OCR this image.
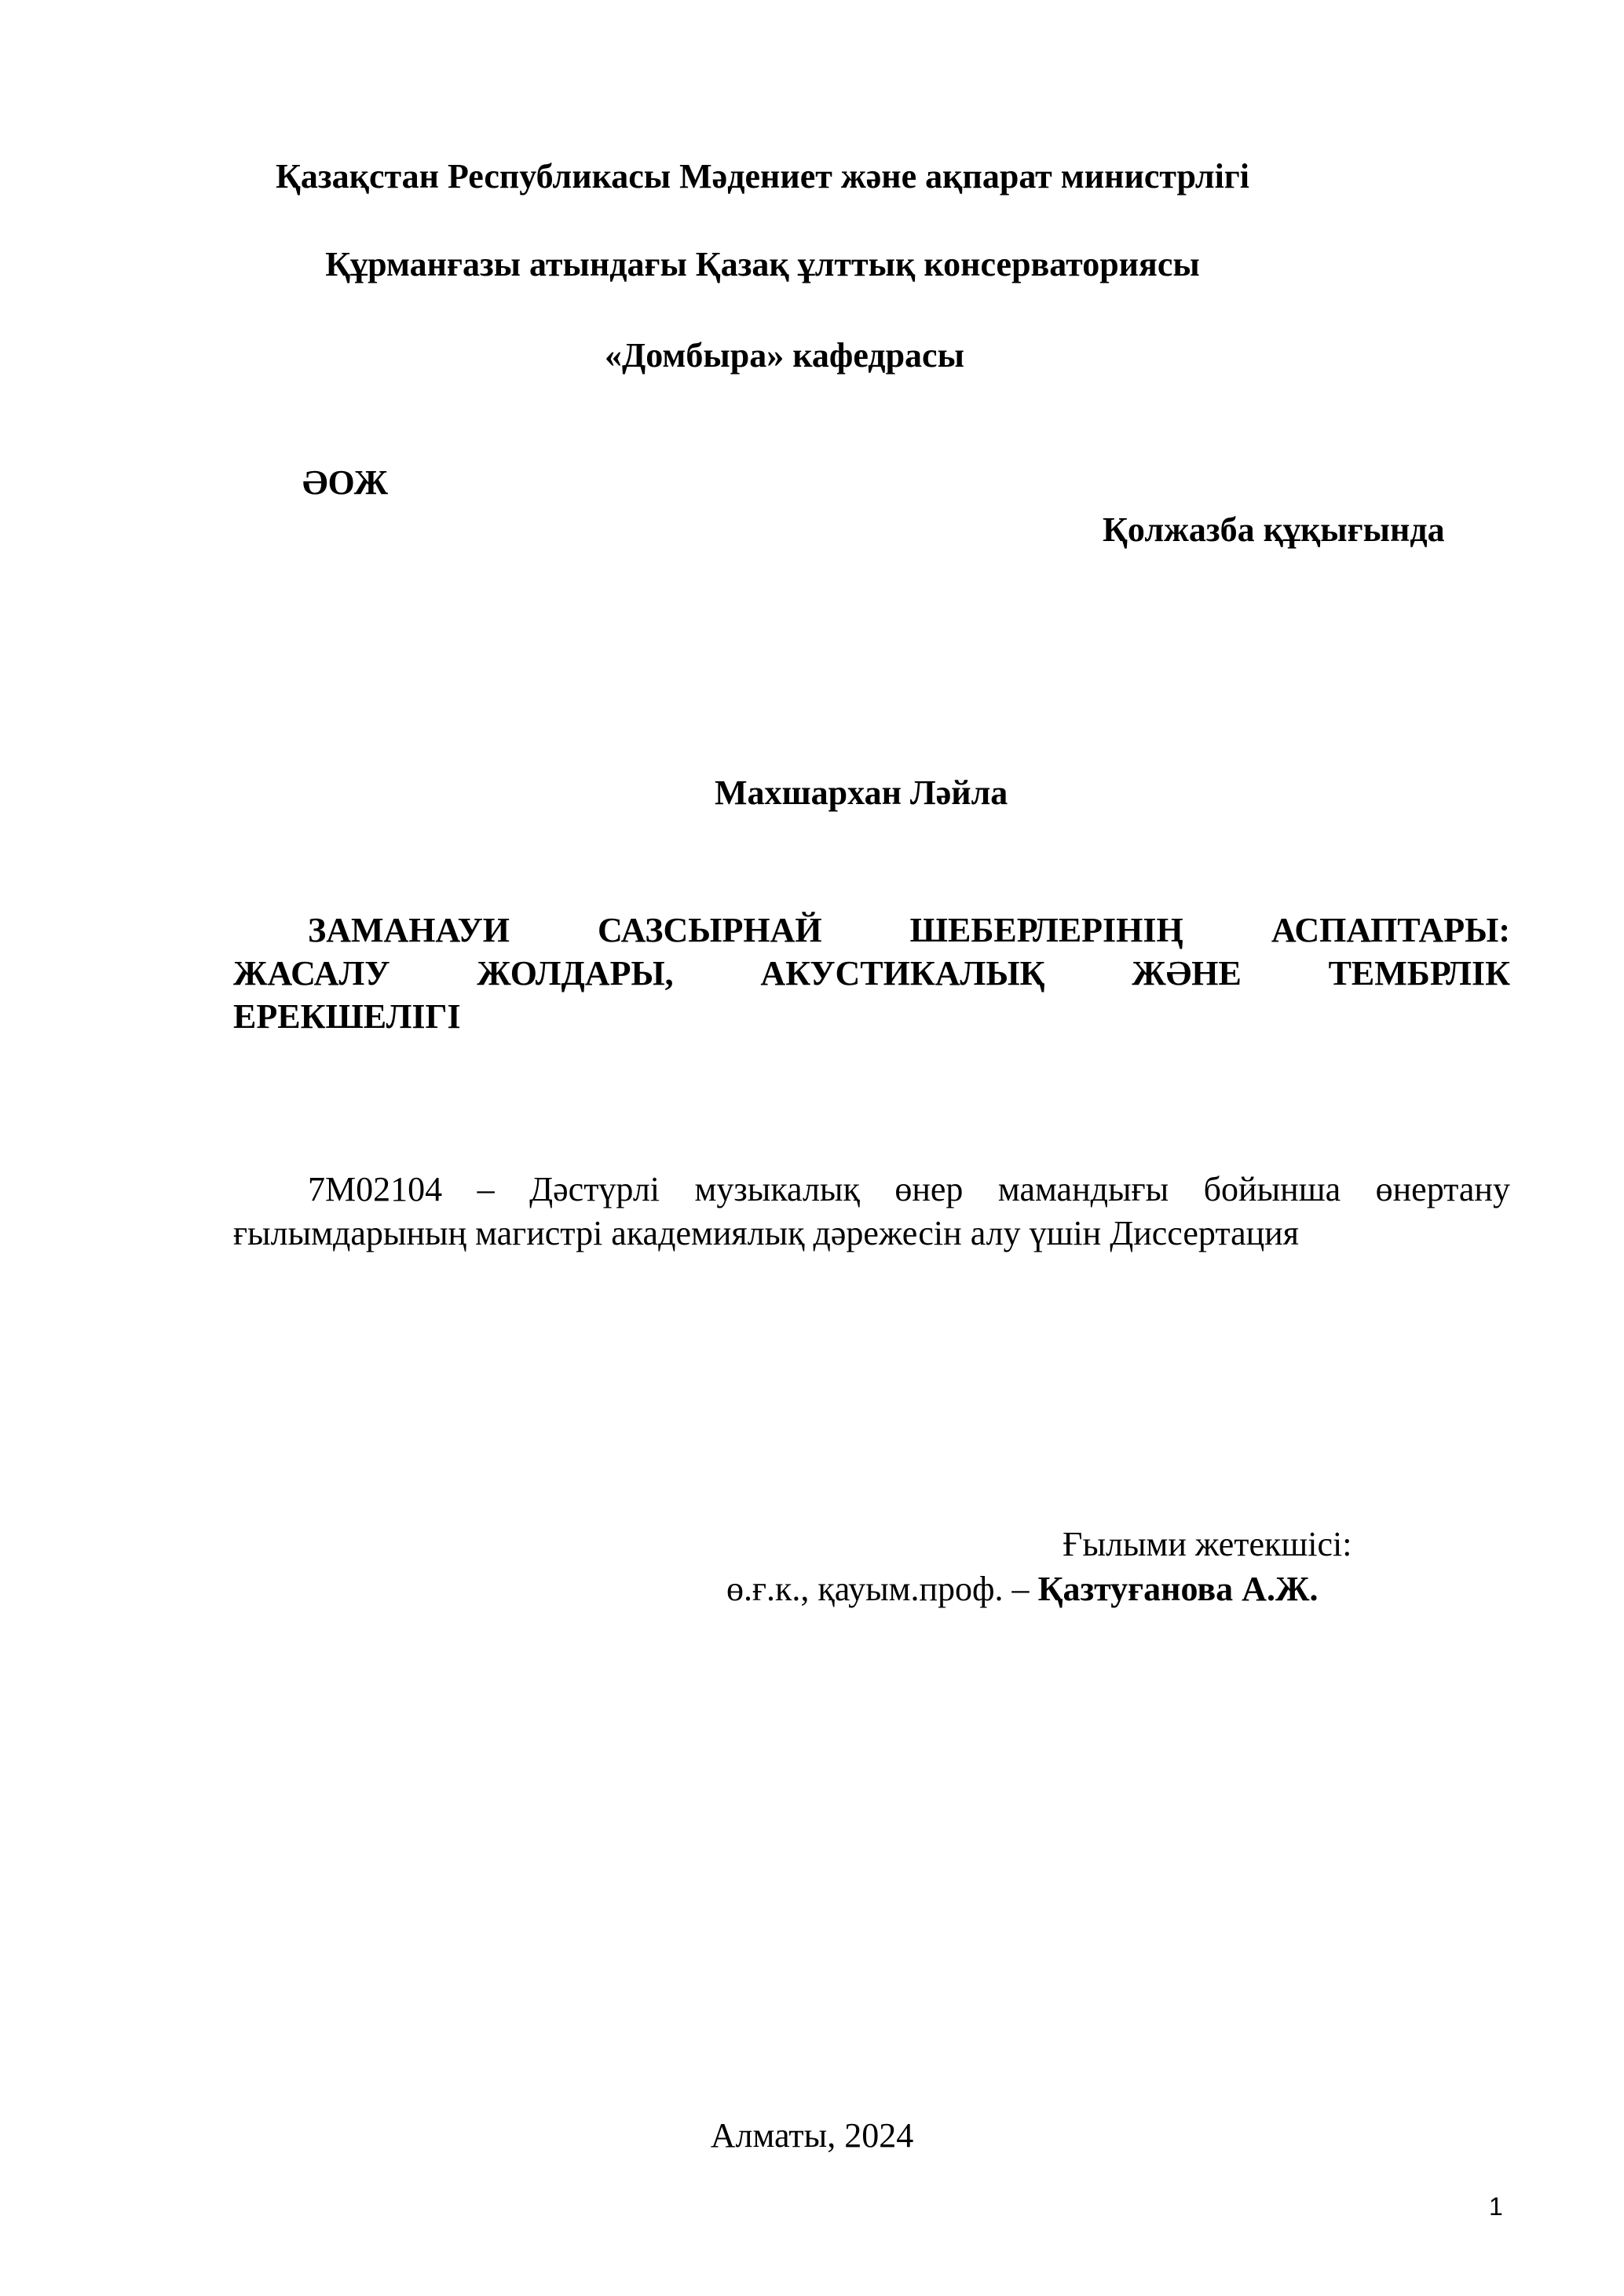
Қазақстан Республикасы Мәдениет және ақпарат министрлігі

Құрманғазы атындағы Қазақ ұлттық консерваториясы

«Домбыра» кафедрасы

ӘОЖ

Қолжазба құқығында

Махшархан Ләйла

ЗАМАНАУИ	САЗСЫРНАЙ	ШЕБЕРЛЕРІНІҢ	АСПАПТАРЫ:
ЖАСАЛУ	ЖОЛДАРЫ,	АКУСТИКАЛЫҚ	ЖӘНЕ	ТЕМБРЛІК

ЕРЕКШЕЛІГІ

7М02104 – Дәстүрлі музыкалық өнер мамандығы бойынша өнертану

ғылымдарының магистрі академиялық дәрежесін алу үшін Диссертация

Ғылыми жетекшісі:

ө.ғ.к., қауым.проф. – Қазтуғанова А.Ж.

Алматы, 2024

1
